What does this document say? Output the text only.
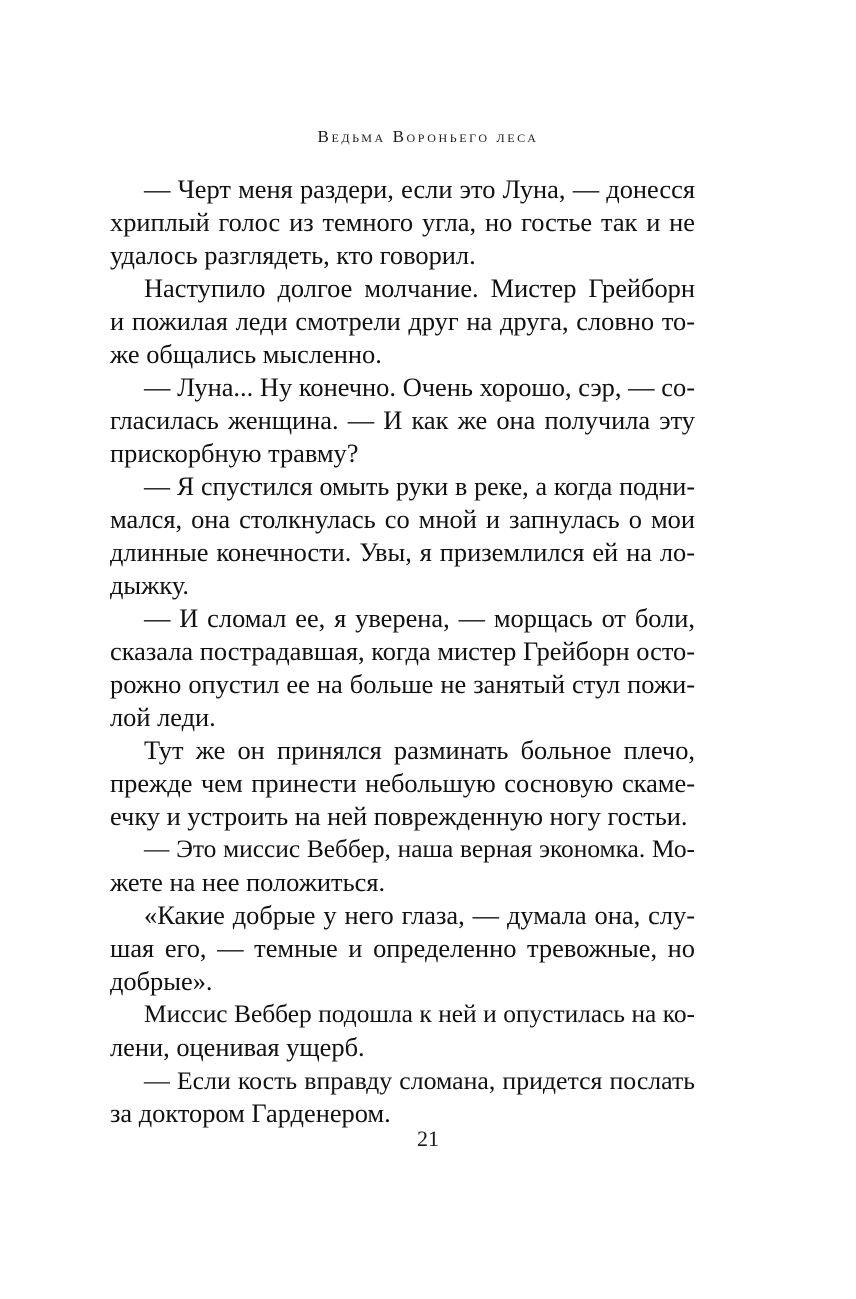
Ведьма Вороньего леса
— Черт меня раздери, если это Луна, — донесся
хриплый голос из темного угла, но гостье так и не
удалось разглядеть, кто говорил.
Наступило долгое молчание. Мистер Грейборн
и пожилая леди смотрели друг на друга, словно то-
же общались мысленно.
— Луна... Ну конечно. Очень хорошо, сэр, — со-
гласилась женщина. — И как же она получила эту
прискорбную травму?
— Я спустился омыть руки в реке, а когда подни-
мался, она столкнулась со мной и запнулась о мои
длинные конечности. Увы, я приземлился ей на ло-
дыжку.
— И сломал ее, я уверена, — морщась от боли,
сказала пострадавшая, когда мистер Грейборн осто-
рожно опустил ее на больше не занятый стул пожи-
лой леди.
Тут же он принялся разминать больное плечо,
прежде чем принести небольшую сосновую скаме-
ечку и устроить на ней поврежденную ногу гостьи.
— Это миссис Веббер, наша верная экономка. Мо-
жете на нее положиться.
«Какие добрые у него глаза, — думала она, слу-
шая его, — темные и определенно тревожные, но
добрые».
Миссис Веббер подошла к ней и опустилась на ко-
лени, оценивая ущерб.
— Если кость вправду сломана, придется послать
за доктором Гарденером.
21
